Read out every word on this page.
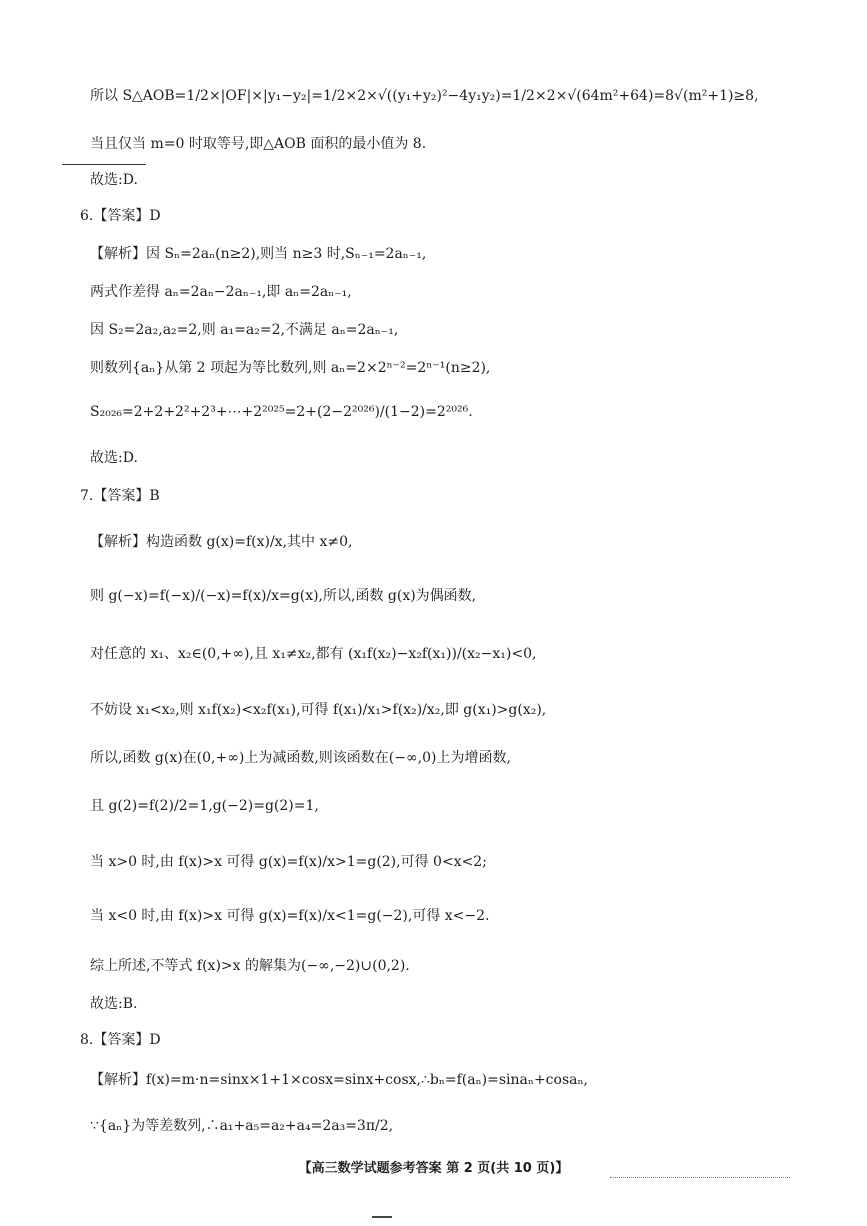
所以 S△AOB=1/2×|OF|×|y₁−y₂|=1/2×2×√((y₁+y₂)²−4y₁y₂)=1/2×2×√(64m²+64)=8√(m²+1)≥8,
当且仅当 m=0 时取等号,即△AOB 面积的最小值为 8.
故选:D.
6.【答案】D
【解析】因 Sₙ=2aₙ(n≥2),则当 n≥3 时,Sₙ₋₁=2aₙ₋₁,
两式作差得 aₙ=2aₙ−2aₙ₋₁,即 aₙ=2aₙ₋₁,
因 S₂=2a₂,a₂=2,则 a₁=a₂=2,不满足 aₙ=2aₙ₋₁,
则数列{aₙ}从第 2 项起为等比数列,则 aₙ=2×2ⁿ⁻²=2ⁿ⁻¹(n≥2),
S₂₀₂₆=2+2+2²+2³+⋯+2²⁰²⁵=2+(2−2²⁰²⁶)/(1−2)=2²⁰²⁶.
故选:D.
7.【答案】B
【解析】构造函数 g(x)=f(x)/x,其中 x≠0,
则 g(−x)=f(−x)/(−x)=f(x)/x=g(x),所以,函数 g(x)为偶函数,
对任意的 x₁、x₂∈(0,+∞),且 x₁≠x₂,都有 (x₁f(x₂)−x₂f(x₁))/(x₂−x₁)<0,
不妨设 x₁<x₂,则 x₁f(x₂)<x₂f(x₁),可得 f(x₁)/x₁>f(x₂)/x₂,即 g(x₁)>g(x₂),
所以,函数 g(x)在(0,+∞)上为减函数,则该函数在(−∞,0)上为增函数,
且 g(2)=f(2)/2=1,g(−2)=g(2)=1,
当 x>0 时,由 f(x)>x 可得 g(x)=f(x)/x>1=g(2),可得 0<x<2;
当 x<0 时,由 f(x)>x 可得 g(x)=f(x)/x<1=g(−2),可得 x<−2.
综上所述,不等式 f(x)>x 的解集为(−∞,−2)∪(0,2).
故选:B.
8.【答案】D
【解析】f(x)=m·n=sinx×1+1×cosx=sinx+cosx,∴bₙ=f(aₙ)=sinaₙ+cosaₙ,
∵{aₙ}为等差数列,∴a₁+a₅=a₂+a₄=2a₃=3π/2,
【高三数学试题参考答案 第 2 页(共 10 页)】
